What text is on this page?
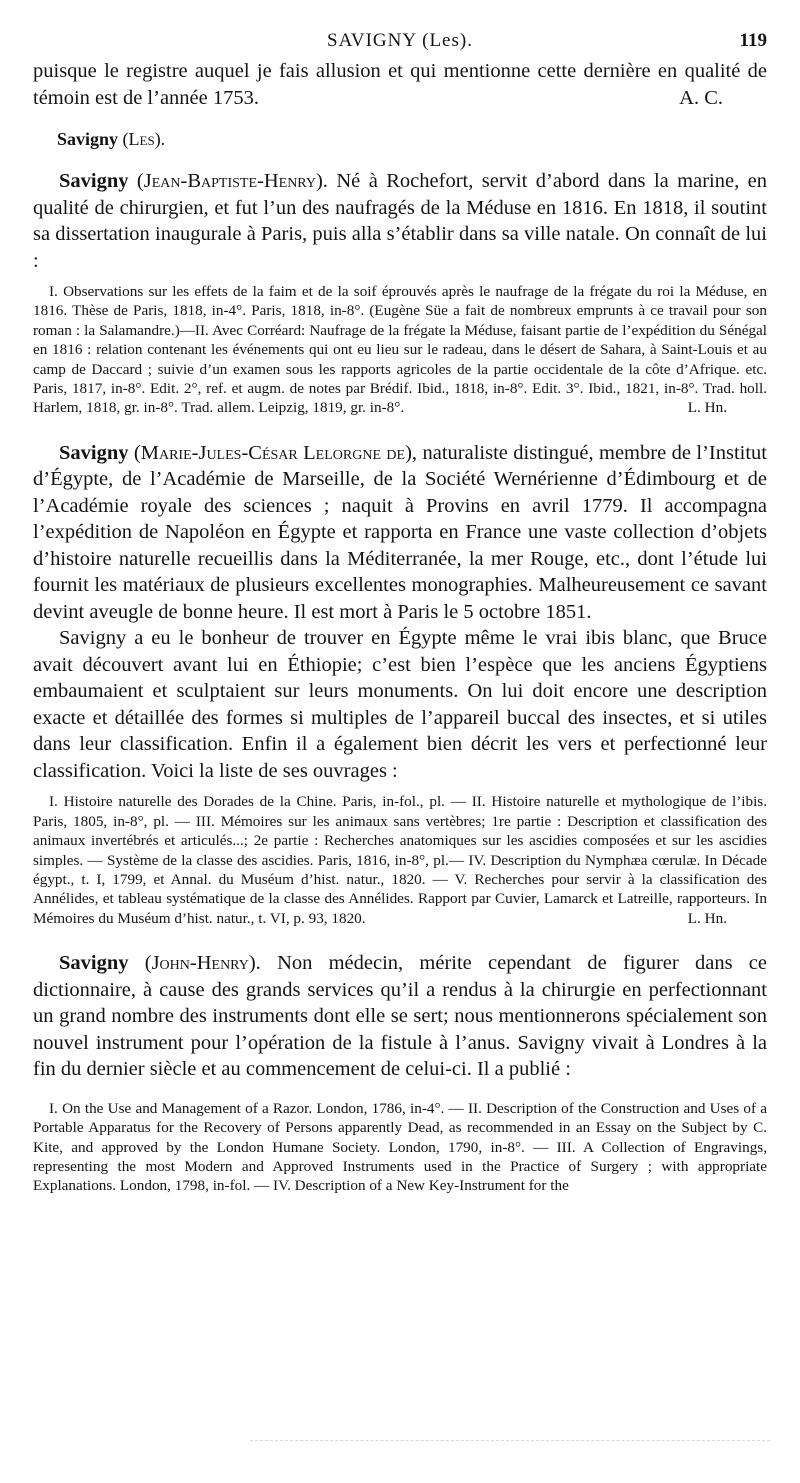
SAVIGNY (Les).	119

puisque le registre auquel je fais allusion et qui mentionne cette dernière en qualité de témoin est de l’année 1753.	A. C.

Savigny (Les).

Savigny (Jean-Baptiste-Henry). Né à Rochefort, servit d’abord dans la marine, en qualité de chirurgien, et fut l’un des naufragés de la Méduse en 1816. En 1818, il soutint sa dissertation inaugurale à Paris, puis alla s’établir dans sa ville natale. On connaît de lui :

I. Observations sur les effets de la faim et de la soif éprouvés après le naufrage de la frégate du roi la Méduse, en 1816. Thèse de Paris, 1818, in-4°. Paris, 1818, in-8°. (Eugène Süe a fait de nombreux emprunts à ce travail pour son roman : la Salamandre.)—II. Avec Corréard: Naufrage de la frégate la Méduse, faisant partie de l’expédition du Sénégal en 1816 : relation contenant les événements qui ont eu lieu sur le radeau, dans le désert de Sahara, à Saint-Louis et au camp de Daccard ; suivie d’un examen sous les rapports agricoles de la partie occidentale de la côte d’Afrique. etc. Paris, 1817, in-8°. Edit. 2°, ref. et augm. de notes par Brédif. Ibid., 1818, in-8°. Edit. 3°. Ibid., 1821, in-8°. Trad. holl. Harlem, 1818, gr. in-8°. Trad. allem. Leipzig, 1819, gr. in-8°.	L. Hn.

Savigny (Marie-Jules-César Lelorgne de), naturaliste distingué, membre de l’Institut d’Égypte, de l’Académie de Marseille, de la Société Wernérienne d’Édimbourg et de l’Académie royale des sciences ; naquit à Provins en avril 1779. Il accompagna l’expédition de Napoléon en Égypte et rapporta en France une vaste collection d’objets d’histoire naturelle recueillis dans la Méditerranée, la mer Rouge, etc., dont l’étude lui fournit les matériaux de plusieurs excellentes monographies. Malheureusement ce savant devint aveugle de bonne heure. Il est mort à Paris le 5 octobre 1851.

Savigny a eu le bonheur de trouver en Égypte même le vrai ibis blanc, que Bruce avait découvert avant lui en Éthiopie; c’est bien l’espèce que les anciens Égyptiens embaumaient et sculptaient sur leurs monuments. On lui doit encore une description exacte et détaillée des formes si multiples de l’appareil buccal des insectes, et si utiles dans leur classification. Enfin il a également bien décrit les vers et perfectionné leur classification. Voici la liste de ses ouvrages :

I. Histoire naturelle des Dorades de la Chine. Paris, in-fol., pl. — II. Histoire naturelle et mythologique de l’ibis. Paris, 1805, in-8°, pl. — III. Mémoires sur les animaux sans vertèbres; 1re partie : Description et classification des animaux invertébrés et articulés...; 2e partie : Recherches anatomiques sur les ascidies composées et sur les ascidies simples. — Système de la classe des ascidies. Paris, 1816, in-8°, pl.— IV. Description du Nymphæa cœrulæ. In Décade égypt., t. I, 1799, et Annal. du Muséum d’hist. natur., 1820. — V. Recherches pour servir à la classification des Annélides, et tableau systématique de la classe des Annélides. Rapport par Cuvier, Lamarck et Latreille, rapporteurs. In Mémoires du Muséum d’hist. natur., t. VI, p. 93, 1820.	L. Hn.

Savigny (John-Henry). Non médecin, mérite cependant de figurer dans ce dictionnaire, à cause des grands services qu’il a rendus à la chirurgie en perfectionnant un grand nombre des instruments dont elle se sert; nous mentionnerons spécialement son nouvel instrument pour l’opération de la fistule à l’anus. Savigny vivait à Londres à la fin du dernier siècle et au commencement de celui-ci. Il a publié :

I. On the Use and Management of a Razor. London, 1786, in-4°. — II. Description of the Construction and Uses of a Portable Apparatus for the Recovery of Persons apparently Dead, as recommended in an Essay on the Subject by C. Kite, and approved by the London Humane Society. London, 1790, in-8°. — III. A Collection of Engravings, representing the most Modern and Approved Instruments used in the Practice of Surgery ; with appropriate Explanations. London, 1798, in-fol. — IV. Description of a New Key-Instrument for the
